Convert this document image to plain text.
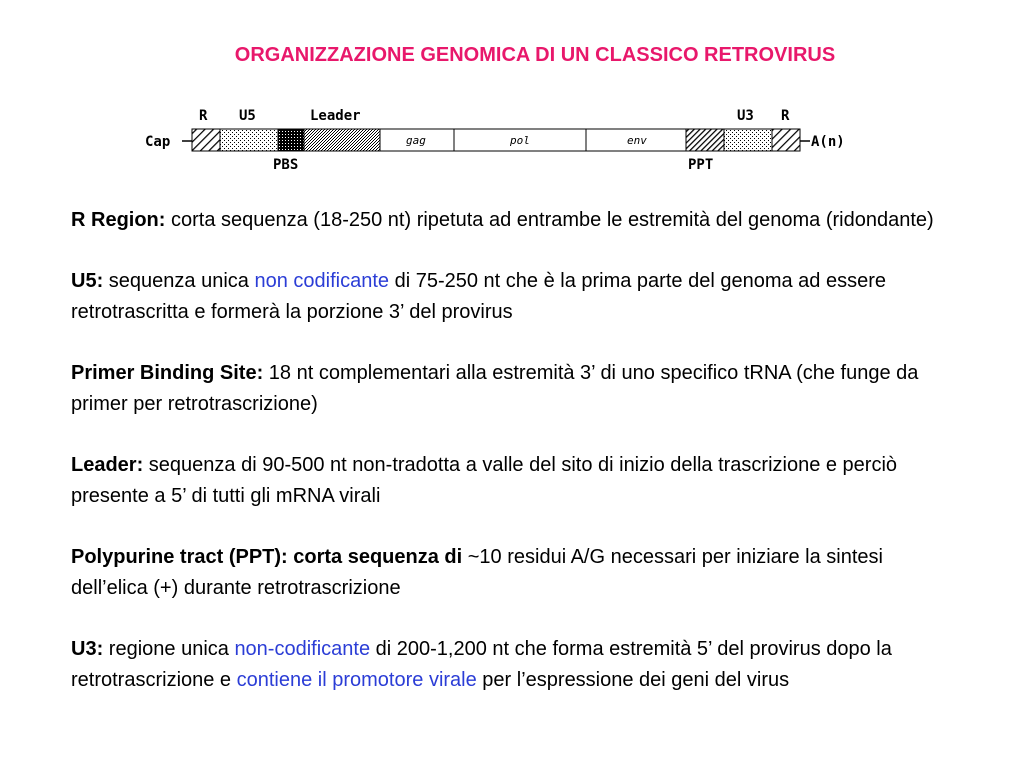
ORGANIZZAZIONE GENOMICA DI UN CLASSICO RETROVIRUS
R U5	Leader	U3 R
Cap	gag	pol	env	A(n)
PBS	PPT

R Region: corta sequenza (18-250 nt) ripetuta ad entrambe le estremità del genoma (ridondante)

U5: sequenza unica non codificante di 75-250 nt che è la prima parte del genoma ad essere retrotrascritta e formerà la porzione 3’ del provirus

Primer Binding Site: 18 nt complementari alla estremità 3’ di uno specifico tRNA (che funge da primer per retrotrascrizione)

Leader: sequenza di 90-500 nt non-tradotta a valle del sito di inizio della trascrizione e perciò presente a 5’ di tutti gli mRNA virali

Polypurine tract (PPT): corta sequenza di ~10 residui A/G necessari per iniziare la sintesi dell’elica (+) durante retrotrascrizione

U3: regione unica non-codificante di 200-1,200 nt che forma estremità 5’ del provirus dopo la retrotrascrizione e contiene il promotore virale per l’espressione dei geni del virus
